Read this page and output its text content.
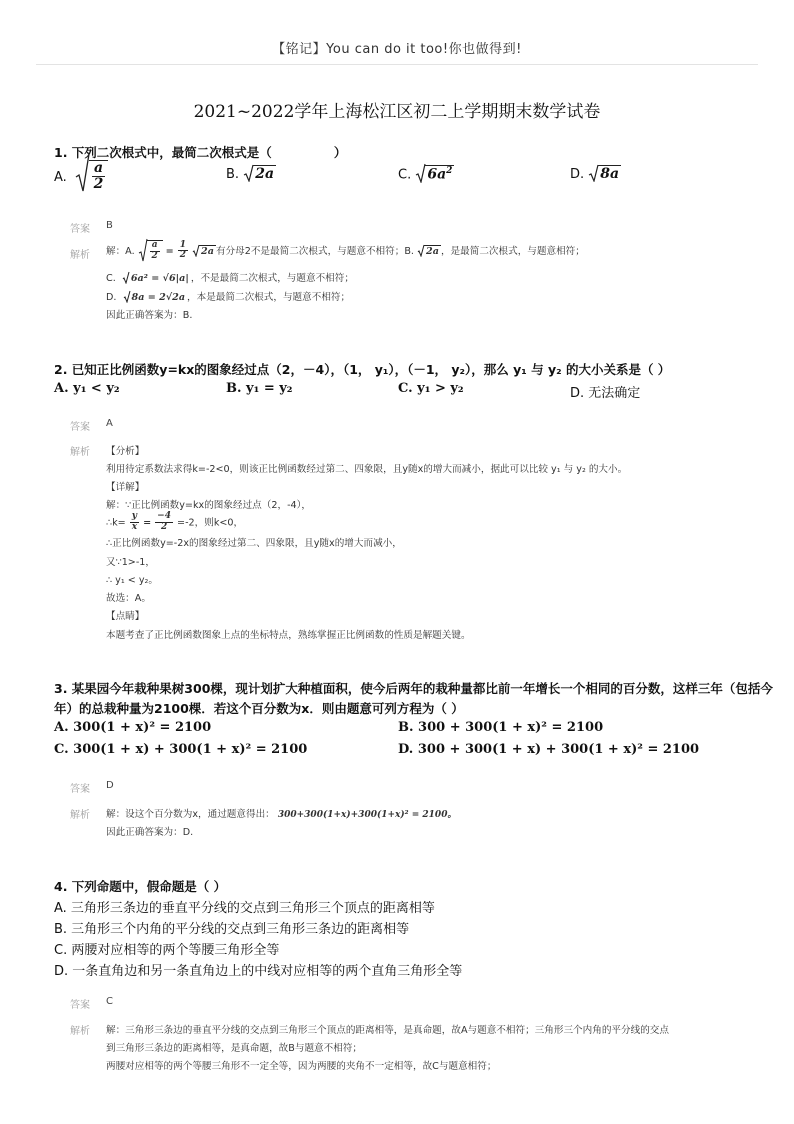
【铭记】You can do it too!你也做得到!
2021~2022学年上海松江区初二上学期期末数学试卷
1. 下列二次根式中，最简二次根式是（	）
A. $\frac{a}{2}$	B. 2a	C. $6a^2$	D. 8a
答案 B
解析 解：A. $\frac{a}{2} = \frac{1}{2}$
2a 有分母2不是最简二次根式，与题意不相符；B. 2a ，是最简二次根式，与题意相符；
C. 6a² = √6|a| ，不是最简二次根式，与题意不相符；
D. 8a = 2√2a ，本是最简二次根式，与题意不相符；
因此正确答案为：B.
2. 已知正比例函数y=kx的图象经过点（2，－4），（1， y₁），（－1， y₂），那么 y₁ 与 y₂ 的大小关系是（ ）
A. y₁ < y₂	B. y₁ = y₂	C. y₁ > y₂	D. 无法确定
答案 A
解析 【分析】
利用待定系数法求得k=-2<0，则该正比例函数经过第二、四象限，且y随x的增大而减小，据此可以比较 y₁ 与 y₂ 的大小。
【详解】
解：∵正比例函数y=kx的图象经过点（2，-4），
∴k= $\frac{y}{x} = \frac{-4}{2} =-2$，则k<0，
∴正比例函数y=-2x的图象经过第二、四象限，且y随x的增大而减小，
又∵1>-1，
∴ y₁ < y₂。
故选：A。
【点睛】
本题考查了正比例函数图象上点的坐标特点，熟练掌握正比例函数的性质是解题关键。
3. 某果园今年栽种果树300棵，现计划扩大种植面积，使今后两年的栽种量都比前一年增长一个相同的百分数，这样三年（包括今
年）的总栽种量为2100棵．若这个百分数为x．则由题意可列方程为（ ）
A. 300(1 + x)² = 2100	B. 300 + 300(1 + x)² = 2100
C. 300(1 + x) + 300(1 + x)² = 2100	D. 300 + 300(1 + x) + 300(1 + x)² = 2100
答案 D
解析 解：设这个百分数为x，通过题意得出： 300+300(1+x)+300(1+x)² = 2100。
因此正确答案为：D.
4. 下列命题中，假命题是（ ）
A. 三角形三条边的垂直平分线的交点到三角形三个顶点的距离相等
B. 三角形三个内角的平分线的交点到三角形三条边的距离相等
C. 两腰对应相等的两个等腰三角形全等
D. 一条直角边和另一条直角边上的中线对应相等的两个直角三角形全等
答案 C
解析 解：三角形三条边的垂直平分线的交点到三角形三个顶点的距离相等，是真命题，故A与题意不相符；三角形三个内角的平分线的交点
到三角形三条边的距离相等，是真命题，故B与题意不相符；
两腰对应相等的两个等腰三角形不一定全等，因为两腰的夹角不一定相等，故C与题意相符；
